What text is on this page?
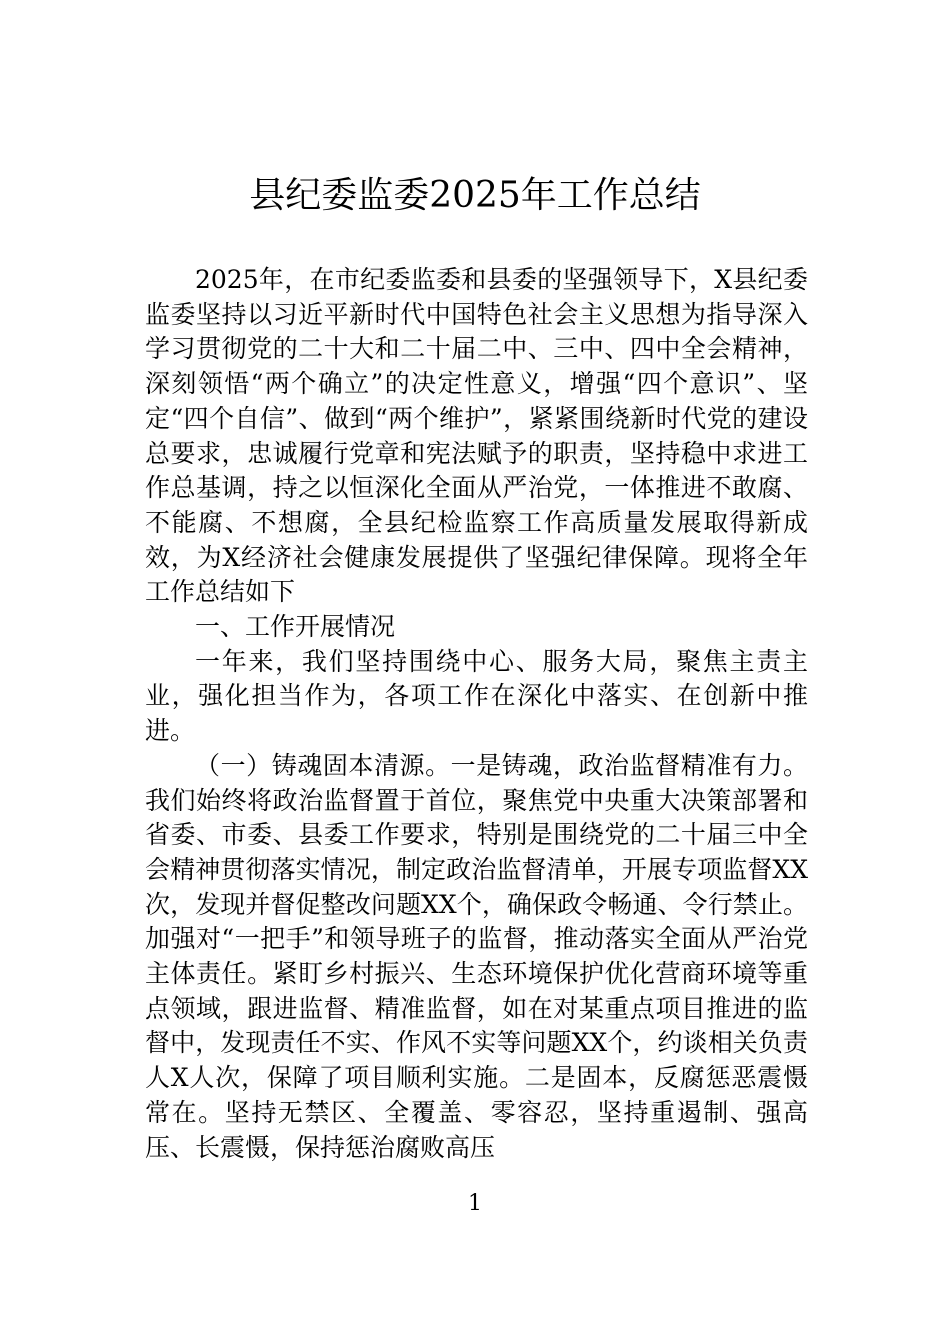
县纪委监委2025年工作总结

2025年，在市纪委监委和县委的坚强领导下，X县纪委监委坚持以习近平新时代中国特色社会主义思想为指导深入学习贯彻党的二十大和二十届二中、三中、四中全会精神，深刻领悟“两个确立”的决定性意义，增强“四个意识”、坚定“四个自信”、做到“两个维护”，紧紧围绕新时代党的建设总要求，忠诚履行党章和宪法赋予的职责，坚持稳中求进工作总基调，持之以恒深化全面从严治党，一体推进不敢腐、不能腐、不想腐，全县纪检监察工作高质量发展取得新成效，为X经济社会健康发展提供了坚强纪律保障。现将全年工作总结如下

一、工作开展情况

一年来，我们坚持围绕中心、服务大局，聚焦主责主业，强化担当作为，各项工作在深化中落实、在创新中推进。

（一）铸魂固本清源。一是铸魂，政治监督精准有力。我们始终将政治监督置于首位，聚焦党中央重大决策部署和省委、市委、县委工作要求，特别是围绕党的二十届三中全会精神贯彻落实情况，制定政治监督清单，开展专项监督XX次，发现并督促整改问题XX个，确保政令畅通、令行禁止。加强对“一把手”和领导班子的监督，推动落实全面从严治党主体责任。紧盯乡村振兴、生态环境保护优化营商环境等重点领域，跟进监督、精准监督，如在对某重点项目推进的监督中，发现责任不实、作风不实等问题XX个，约谈相关负责人X人次，保障了项目顺利实施。二是固本，反腐惩恶震慑常在。坚持无禁区、全覆盖、零容忍，坚持重遏制、强高压、长震慑，保持惩治腐败高压

1
